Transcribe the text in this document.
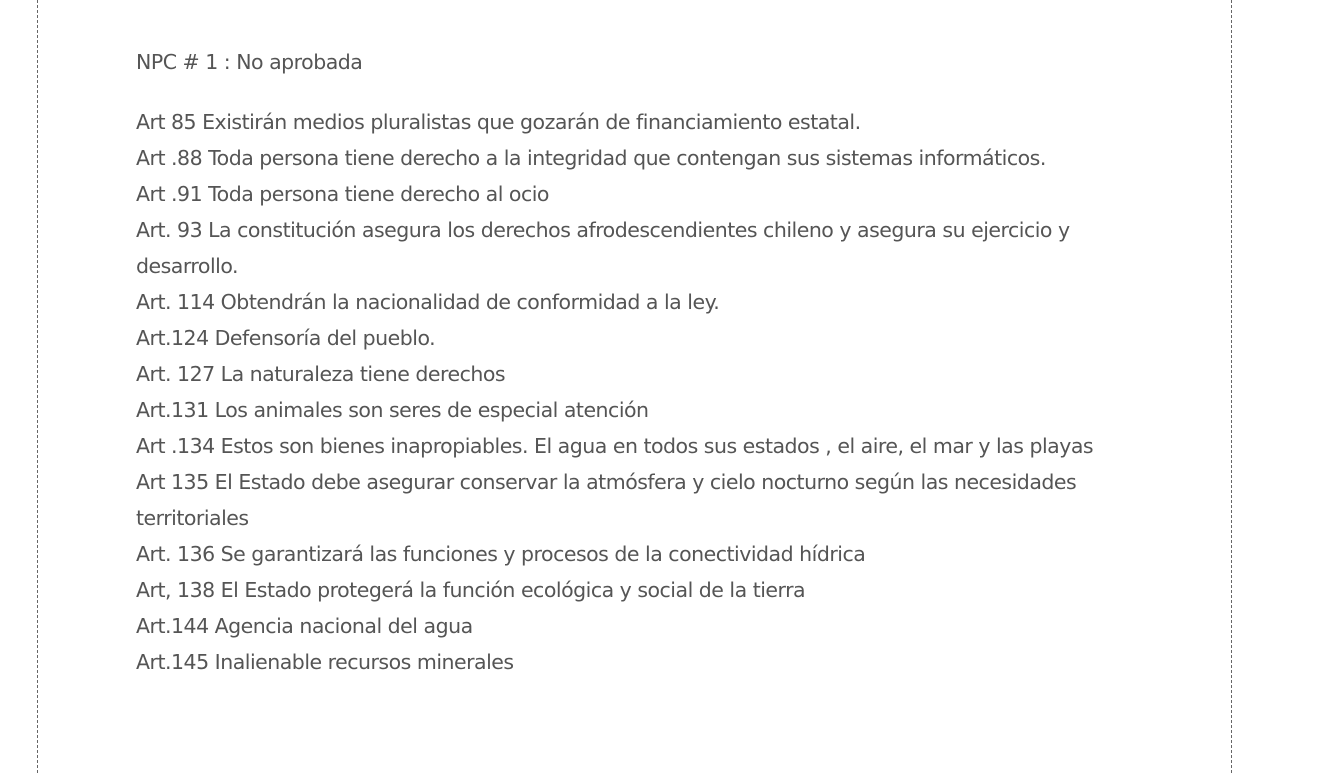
NPC # 1 : No aprobada

Art 85 Existirán medios pluralistas que gozarán de financiamiento estatal.
Art .88 Toda persona tiene derecho a la integridad que contengan sus sistemas informáticos.
Art .91 Toda persona tiene derecho al ocio
Art. 93 La constitución asegura los derechos afrodescendientes chileno y asegura su ejercicio y desarrollo.
Art. 114 Obtendrán la nacionalidad de conformidad a la ley.
Art.124 Defensoría del pueblo.
Art. 127 La naturaleza tiene derechos
Art.131 Los animales son seres de especial atención
Art .134 Estos son bienes inapropiables. El agua en todos sus estados , el aire, el mar y las playas
Art 135 El Estado debe asegurar conservar la atmósfera y cielo nocturno según las necesidades territoriales
Art. 136 Se garantizará las funciones y procesos de la conectividad hídrica
Art, 138 El Estado protegerá la función ecológica y social de la tierra
Art.144 Agencia nacional del agua
Art.145 Inalienable recursos minerales
